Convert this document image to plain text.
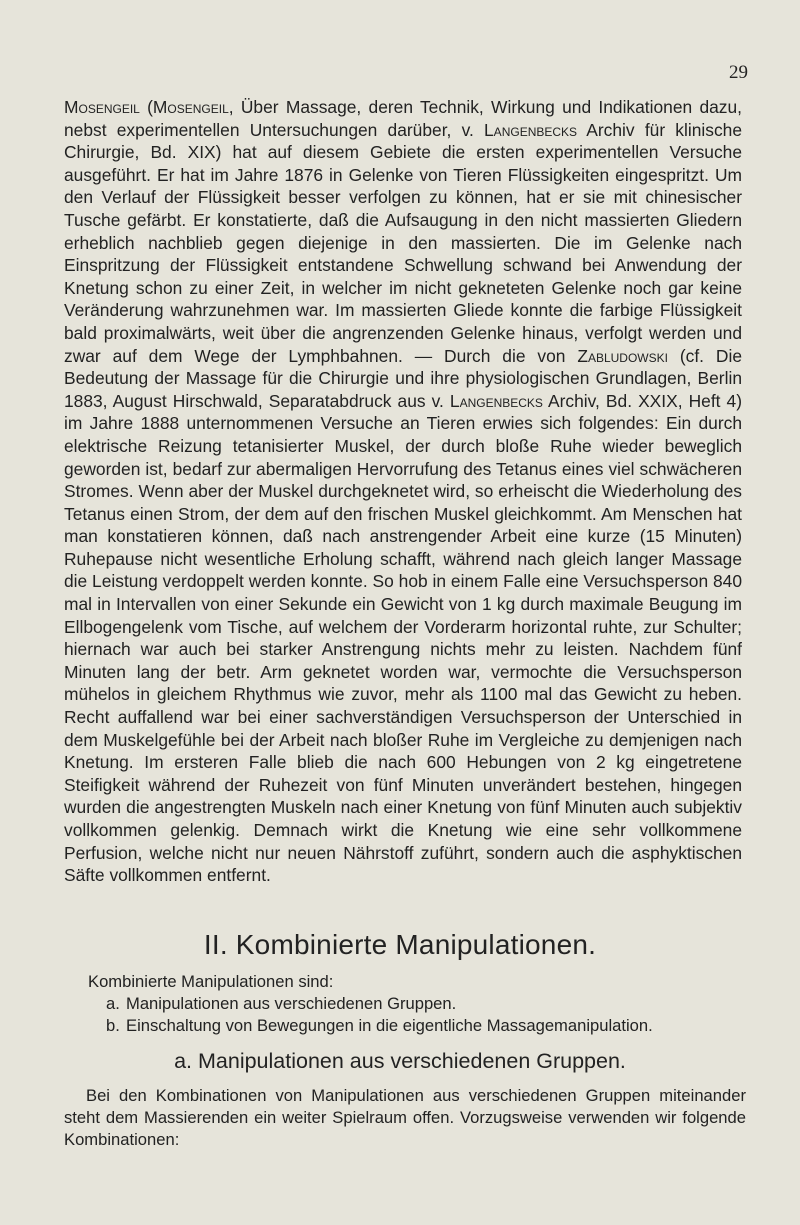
29

Mosengeil (Mosengeil, Über Massage, deren Technik, Wirkung und Indikationen dazu, nebst experimentellen Untersuchungen darüber, v. Langenbecks Archiv für klinische Chirurgie, Bd. XIX) hat auf diesem Gebiete die ersten experimentellen Versuche ausgeführt. Er hat im Jahre 1876 in Gelenke von Tieren Flüssigkeiten eingespritzt. Um den Verlauf der Flüssigkeit besser verfolgen zu können, hat er sie mit chinesischer Tusche gefärbt. Er konstatierte, daß die Aufsaugung in den nicht massierten Gliedern erheblich nachblieb gegen diejenige in den massierten. Die im Gelenke nach Einspritzung der Flüssigkeit entstandene Schwellung schwand bei Anwendung der Knetung schon zu einer Zeit, in welcher im nicht gekneteten Gelenke noch gar keine Veränderung wahrzunehmen war. Im massierten Gliede konnte die farbige Flüssigkeit bald proximalwärts, weit über die angrenzenden Gelenke hinaus, verfolgt werden und zwar auf dem Wege der Lymphbahnen. — Durch die von Zabludowski (cf. Die Bedeutung der Massage für die Chirurgie und ihre physiologischen Grundlagen, Berlin 1883, August Hirschwald, Separatabdruck aus v. Langenbecks Archiv, Bd. XXIX, Heft 4) im Jahre 1888 unternommenen Versuche an Tieren erwies sich folgendes: Ein durch elektrische Reizung tetanisierter Muskel, der durch bloße Ruhe wieder beweglich geworden ist, bedarf zur abermaligen Hervorrufung des Tetanus eines viel schwächeren Stromes. Wenn aber der Muskel durchgeknetet wird, so erheischt die Wiederholung des Tetanus einen Strom, der dem auf den frischen Muskel gleichkommt. Am Menschen hat man konstatieren können, daß nach anstrengender Arbeit eine kurze (15 Minuten) Ruhepause nicht wesentliche Erholung schafft, während nach gleich langer Massage die Leistung verdoppelt werden konnte. So hob in einem Falle eine Versuchsperson 840 mal in Intervallen von einer Sekunde ein Gewicht von 1 kg durch maximale Beugung im Ellbogengelenk vom Tische, auf welchem der Vorderarm horizontal ruhte, zur Schulter; hiernach war auch bei starker Anstrengung nichts mehr zu leisten. Nachdem fünf Minuten lang der betr. Arm geknetet worden war, vermochte die Versuchsperson mühelos in gleichem Rhythmus wie zuvor, mehr als 1100 mal das Gewicht zu heben. Recht auffallend war bei einer sachverständigen Versuchsperson der Unterschied in dem Muskelgefühle bei der Arbeit nach bloßer Ruhe im Vergleiche zu demjenigen nach Knetung. Im ersteren Falle blieb die nach 600 Hebungen von 2 kg eingetretene Steifigkeit während der Ruhezeit von fünf Minuten unverändert bestehen, hingegen wurden die angestrengten Muskeln nach einer Knetung von fünf Minuten auch subjektiv vollkommen gelenkig. Demnach wirkt die Knetung wie eine sehr vollkommene Perfusion, welche nicht nur neuen Nährstoff zuführt, sondern auch die asphyktischen Säfte vollkommen entfernt.

II. Kombinierte Manipulationen.

Kombinierte Manipulationen sind:

a. Manipulationen aus verschiedenen Gruppen.
b. Einschaltung von Bewegungen in die eigentliche Massagemanipulation.
a. Manipulationen aus verschiedenen Gruppen.

Bei den Kombinationen von Manipulationen aus verschiedenen Gruppen miteinander steht dem Massierenden ein weiter Spielraum offen. Vorzugsweise verwenden wir folgende Kombinationen:
